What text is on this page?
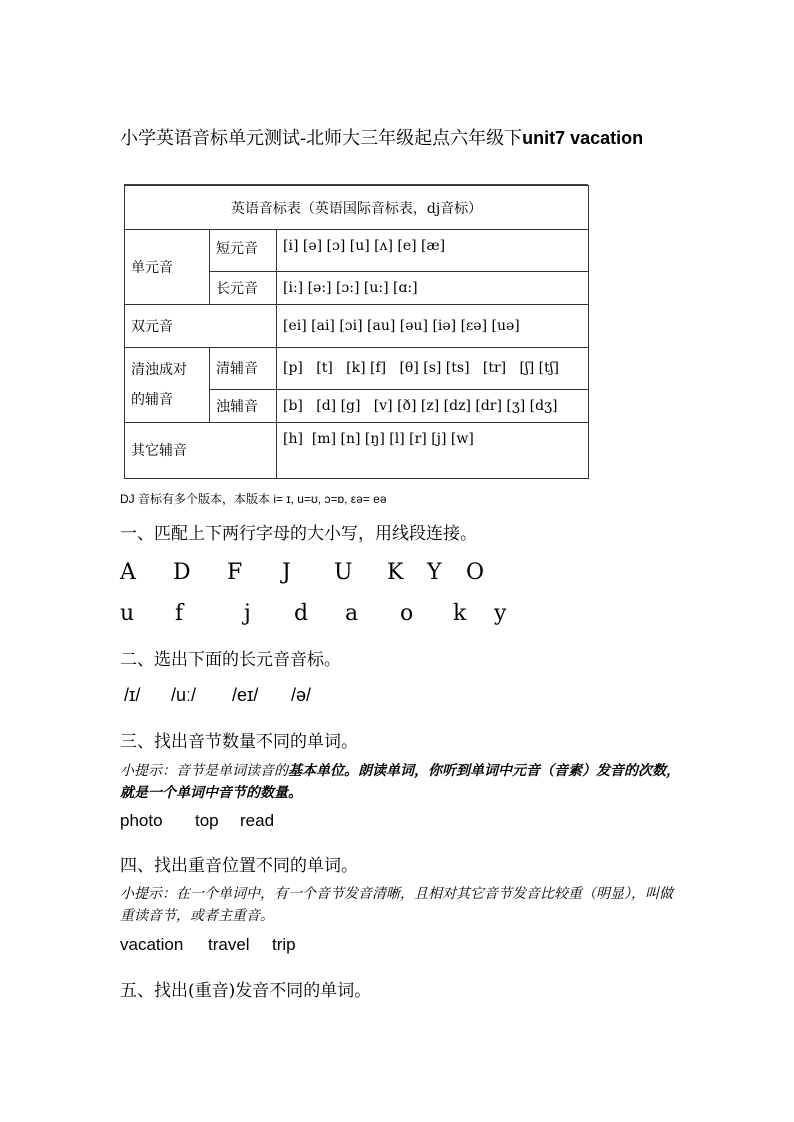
小学英语音标单元测试-北师大三年级起点六年级下unit7 vacation
英语音标表（英语国际音标表，dj音标）		
单元音	短元音	[i] [ə] [ɔ] [u] [ʌ] [e] [æ]
	长元音	[i:] [ə:] [ɔ:] [u:] [ɑ:]
双元音		[ei] [ai] [ɔi] [au] [əu] [iə] [εə] [uə]
清浊成对
的辅音	清辅音	[p]   [t]   [k] [f]   [θ] [s] [ts]   [tr]   [ʃ] [tʃ]
	浊辅音	[b]   [d] [g]   [v] [ð] [z] [dz] [dr] [ʒ] [dʒ]
其它辅音		[h]  [m] [n] [ŋ] [l] [r] [j] [w]
DJ 音标有多个版本，本版本 i= ɪ, u=ʊ, ɔ=ɒ, εə= eə
一、匹配上下两行字母的大小写，用线段连接。
A D F J U K Y O
u f	j d a o k y
二、选出下面的长元音音标。
/ɪ/ /uː/ /eɪ/ /ə/
三、找出音节数量不同的单词。
小提示：音节是单词读音的基本单位。朗读单词，你听到单词中元音（音素）发音的次数，就是一个单词中音节的数量。
photo top read
四、找出重音位置不同的单词。
小提示：在一个单词中，有一个音节发音清晰，且相对其它音节发音比较重（明显），叫做重读音节，或者主重音。
vacation travel trip
五、找出(重音)发音不同的单词。
